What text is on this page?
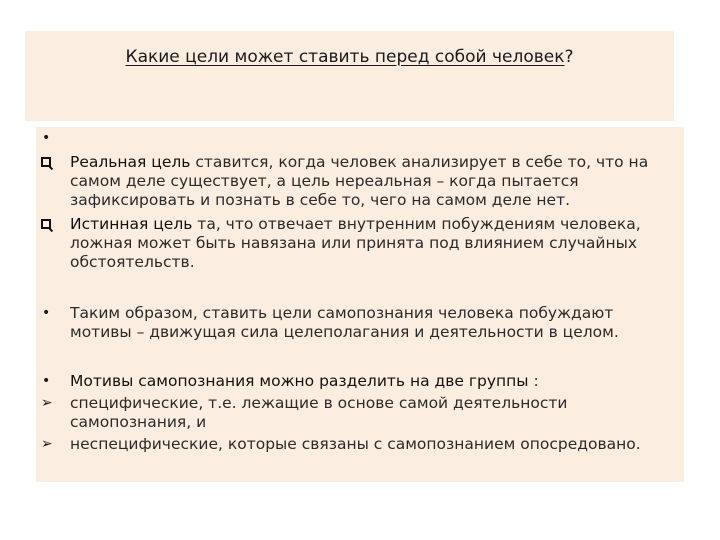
Какие цели может ставить перед собой человек?
•
Реальная цель ставится, когда человек анализирует в себе то, что на самом деле существует, а цель нереальная – когда пытается зафиксировать и познать в себе то, чего на самом деле нет.
Истинная цель та, что отвечает внутренним побуждениям человека, ложная может быть навязана или принята под влиянием случайных обстоятельств.
•	Таким образом, ставить цели самопознания человека побуждают мотивы – движущая сила целеполагания и деятельности в целом.
•	Мотивы самопознания можно разделить на две группы :
➢	специфические, т.е. лежащие в основе самой деятельности самопознания, и
➢	неспецифические, которые связаны с самопознанием опосредовано.
